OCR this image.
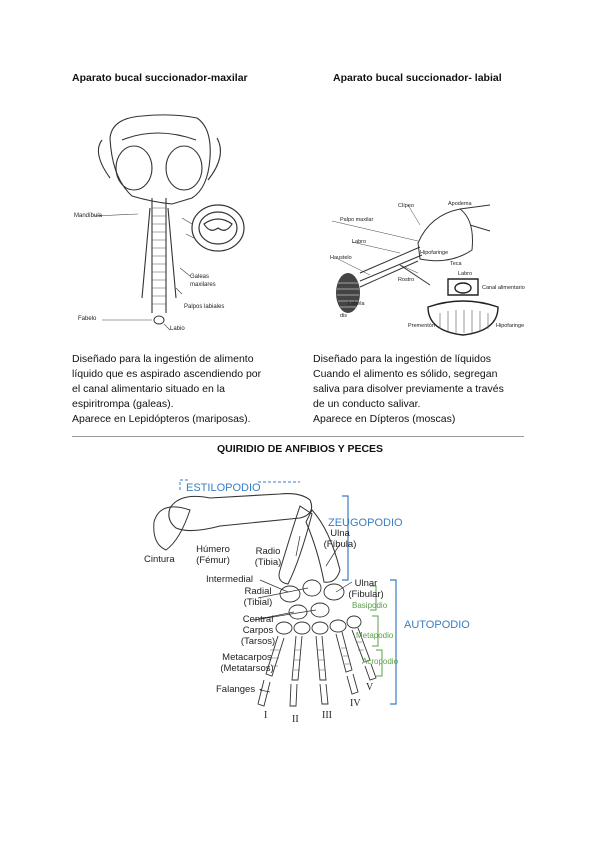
Aparato bucal succionador-maxilar
Mandíbula
Galeas
maxilares
Palpos labiales
Fabelo
Labio
Diseñado para la ingestión de alimento
líquido que es aspirado ascendiendo por
el canal alimentario situado en la
espiritrompa (galeas).
Aparece en Lepidópteros (mariposas).
Aparato bucal succionador- labial
Palpo maxilar
Clípeo	Apodema
Labro
Haustelo
Hipofaringe
Teca
Rostro
Labela
dis
Labro
Canal alimentario
Prementón	Hipofaringe
Diseñado para la ingestión de líquidos
Cuando el alimento es sólido, segregan
saliva para disolver previamente a través
de un conducto salivar.
Aparece en Dípteros (moscas)
QUIRIDIO DE ANFIBIOS Y PECES
ESTILOPODIO
ZEUGOPODIO
AUTOPODIO
Basipodio
Metapodio
Acropodio
Cintura
Húmero
(Fémur)
Radio
(Tibia)
Ulna
(Fíbula)
Intermedial
Radial
(Tibial)
Ulnar
(Fibular)
Central
Carpos
(Tarsos)
Metacarpos
(Metatarsos)
Falanges -
I II III
IV
V
